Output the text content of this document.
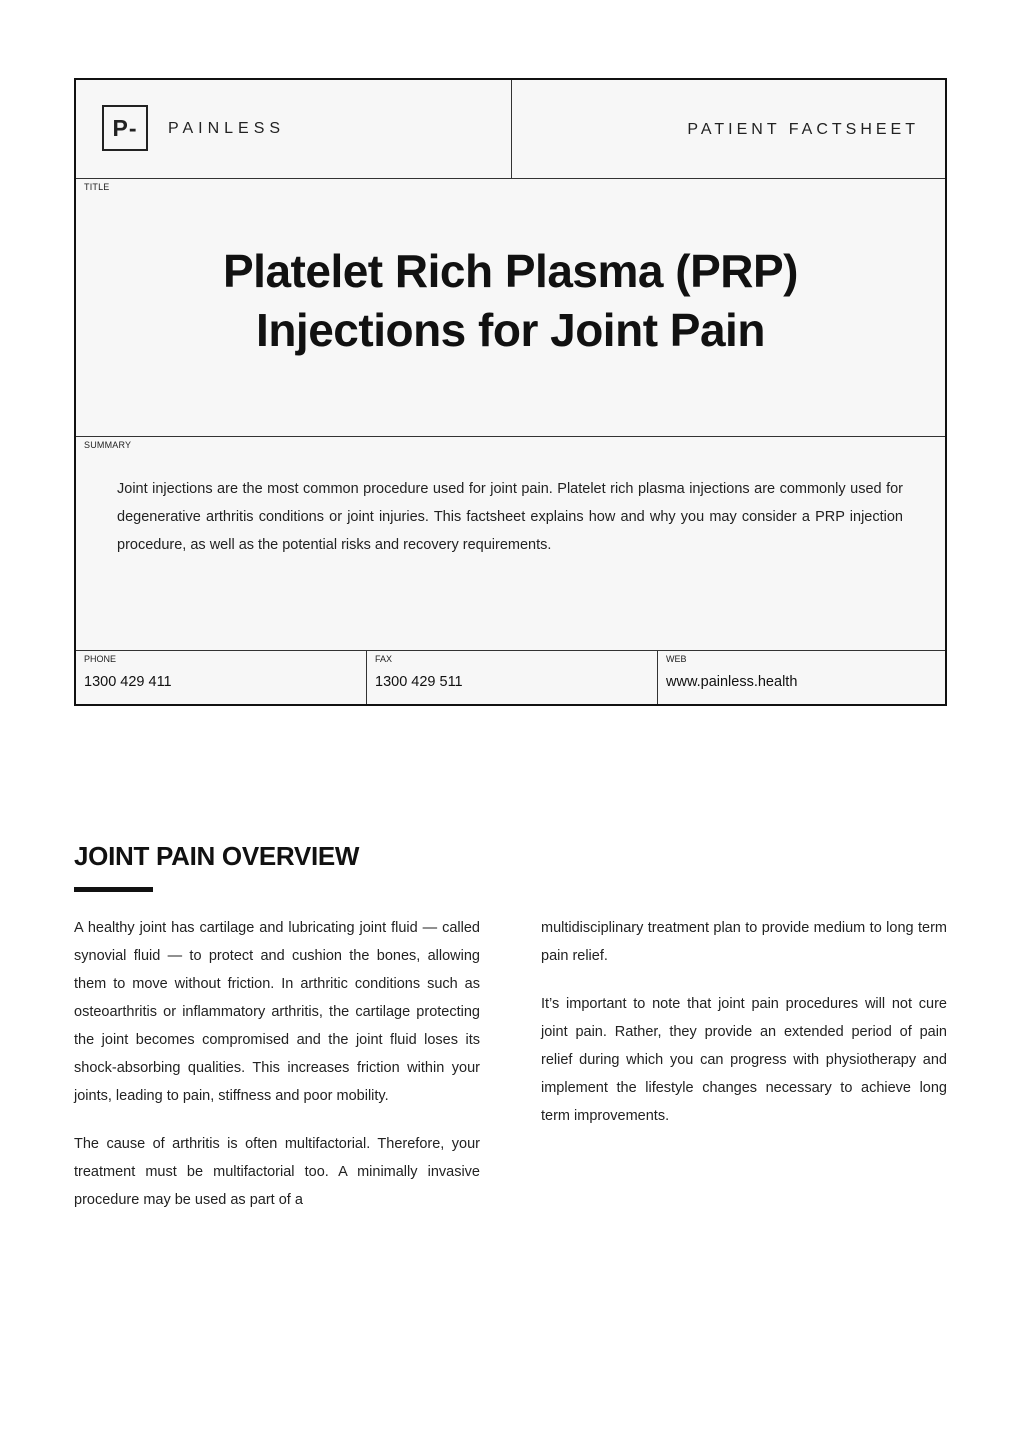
P-	PAINLESS	PATIENT FACTSHEET
TITLE
Platelet Rich Plasma (PRP)
Injections for Joint Pain
SUMMARY

Joint injections are the most common procedure used for joint pain. Platelet rich plasma injections are commonly used for degenerative arthritis conditions or joint injuries. This factsheet explains how and why you may consider a PRP injection procedure, as well as the potential risks and recovery requirements.

PHONE
1300 429 411
FAX
1300 429 511
WEB
www.painless.health
JOINT PAIN OVERVIEW

A healthy joint has cartilage and lubricating joint fluid — called synovial fluid — to protect and cushion the bones, allowing them to move without friction. In arthritic conditions such as osteoarthritis or inflammatory arthritis, the cartilage protecting the joint becomes compromised and the joint fluid loses its shock-absorbing qualities. This increases friction within your joints, leading to pain, stiffness and poor mobility.

The cause of arthritis is often multifactorial. Therefore, your treatment must be multifactorial too. A minimally invasive procedure may be used as part of a

multidisciplinary treatment plan to provide medium to long term pain relief.

It’s important to note that joint pain procedures will not cure joint pain. Rather, they provide an extended period of pain relief during which you can progress with physiotherapy and implement the lifestyle changes necessary to achieve long term improvements.
